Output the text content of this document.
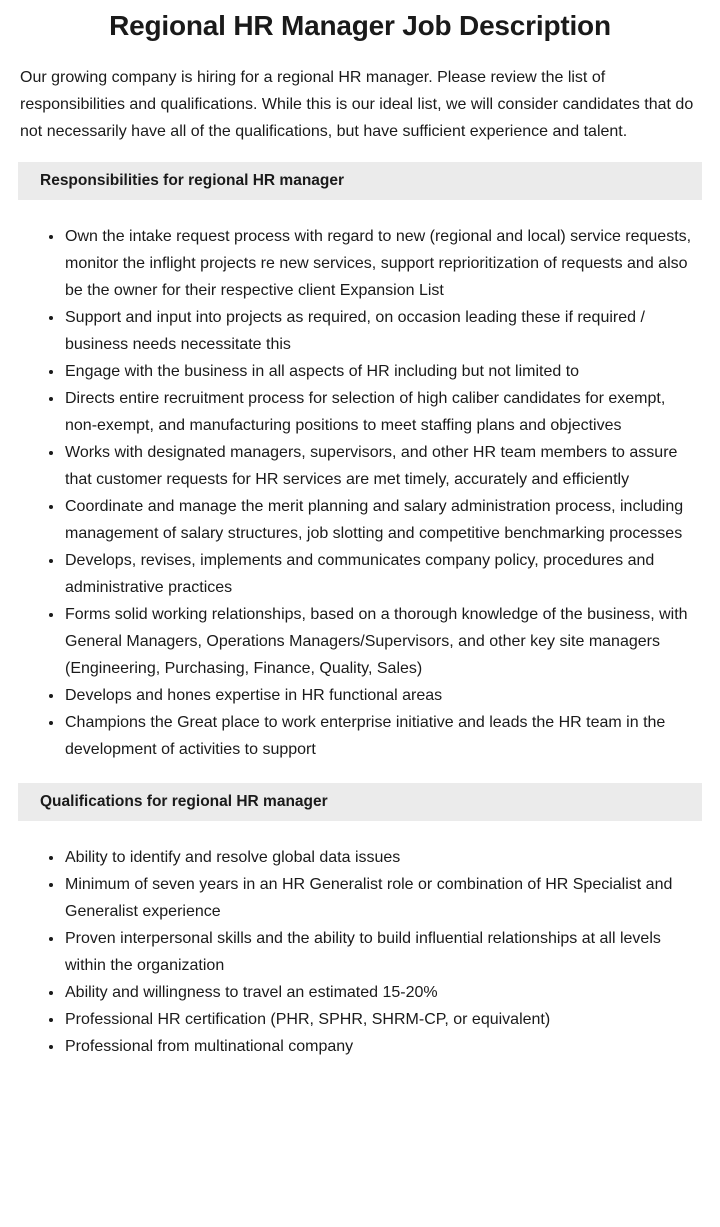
Regional HR Manager Job Description

Our growing company is hiring for a regional HR manager. Please review the list of responsibilities and qualifications. While this is our ideal list, we will consider candidates that do not necessarily have all of the qualifications, but have sufficient experience and talent.

Responsibilities for regional HR manager
• Own the intake request process with regard to new (regional and local) service requests, monitor the inflight projects re new services, support reprioritization of requests and also be the owner for their respective client Expansion List
• Support and input into projects as required, on occasion leading these if required / business needs necessitate this
• Engage with the business in all aspects of HR including but not limited to
• Directs entire recruitment process for selection of high caliber candidates for exempt, non-exempt, and manufacturing positions to meet staffing plans and objectives
• Works with designated managers, supervisors, and other HR team members to assure that customer requests for HR services are met timely, accurately and efficiently
• Coordinate and manage the merit planning and salary administration process, including management of salary structures, job slotting and competitive benchmarking processes
• Develops, revises, implements and communicates company policy, procedures and administrative practices
• Forms solid working relationships, based on a thorough knowledge of the business, with General Managers, Operations Managers/Supervisors, and other key site managers (Engineering, Purchasing, Finance, Quality, Sales)
• Develops and hones expertise in HR functional areas
• Champions the Great place to work enterprise initiative and leads the HR team in the development of activities to support
Qualifications for regional HR manager
• Ability to identify and resolve global data issues
• Minimum of seven years in an HR Generalist role or combination of HR Specialist and Generalist experience
• Proven interpersonal skills and the ability to build influential relationships at all levels within the organization
• Ability and willingness to travel an estimated 15-20%
• Professional HR certification (PHR, SPHR, SHRM-CP, or equivalent)
• Professional from multinational company
